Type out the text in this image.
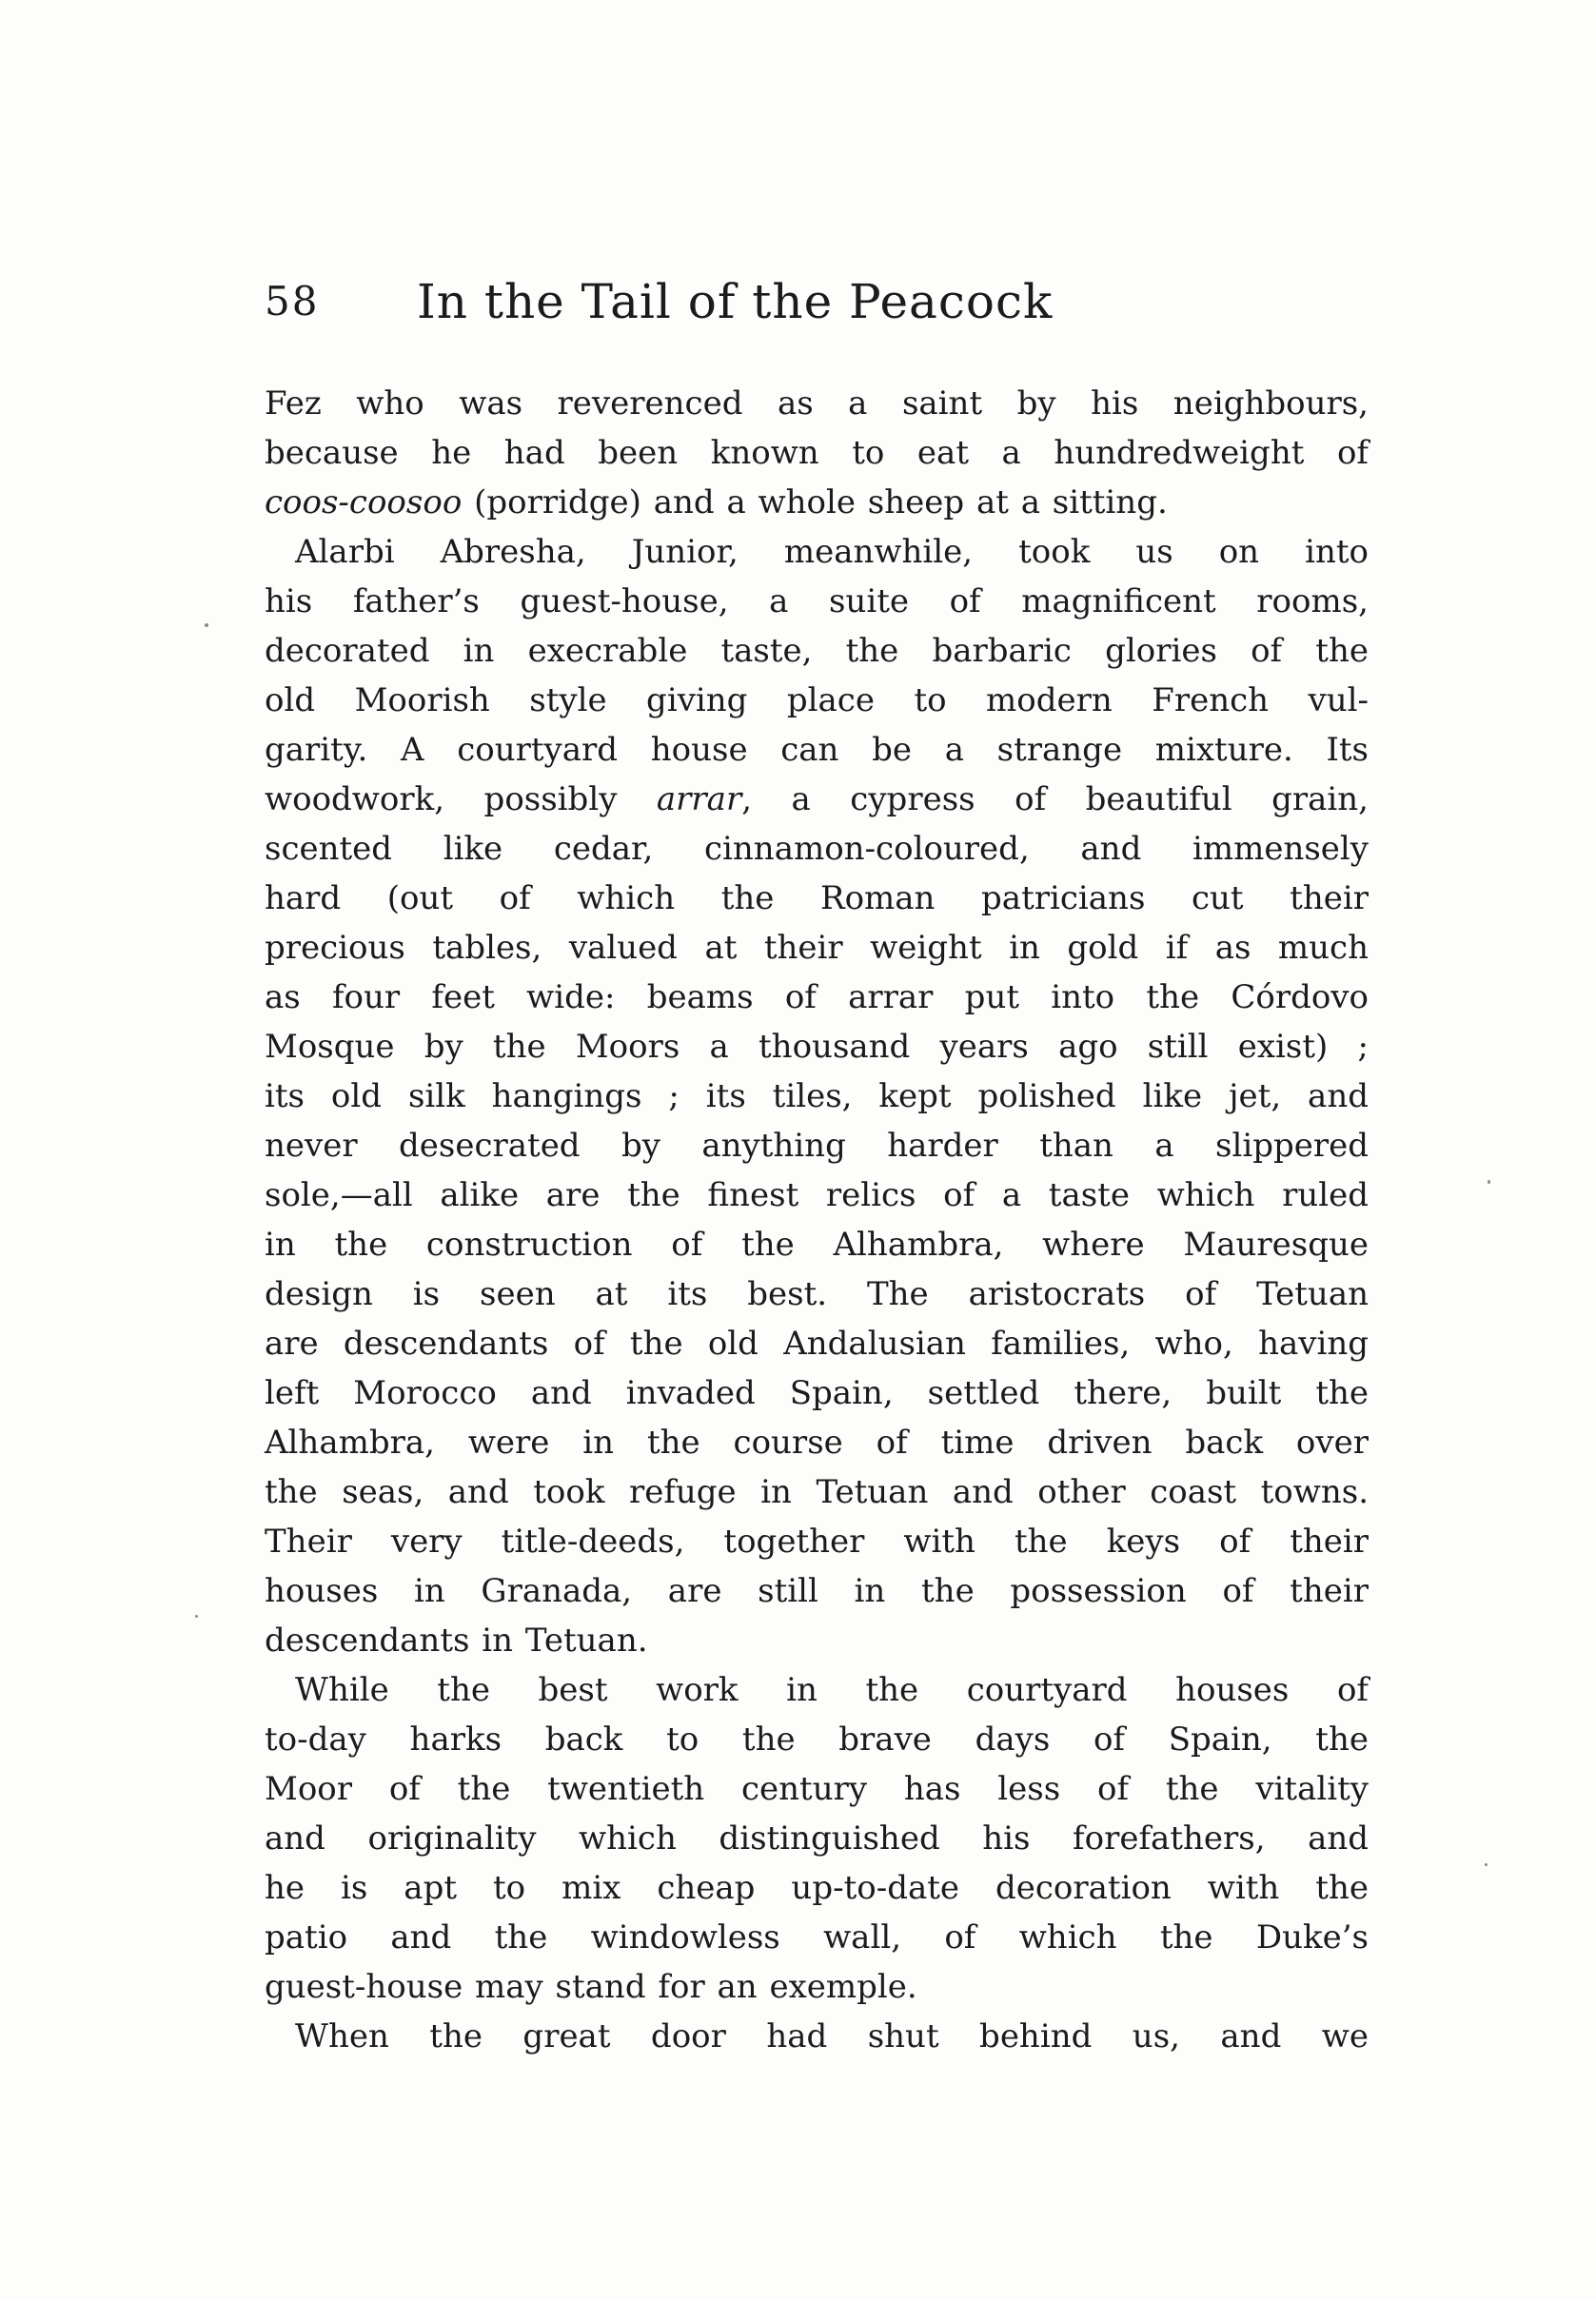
58 In the Tail of the Peacock
Fez who was reverenced as a saint by his neighbours,
because he had been known to eat a hundredweight of
coos-coosoo (porridge) and a whole sheep at a sitting.
Alarbi Abresha, Junior, meanwhile, took us on into
his father’s guest-house, a suite of magnificent rooms,
decorated in execrable taste, the barbaric glories of the
old Moorish style giving place to modern French vul-
garity. A courtyard house can be a strange mixture. Its
woodwork, possibly arrar, a cypress of beautiful grain,
scented like cedar, cinnamon-coloured, and immensely
hard (out of which the Roman patricians cut their
precious tables, valued at their weight in gold if as much
as four feet wide: beams of arrar put into the Córdovo
Mosque by the Moors a thousand years ago still exist) ;
its old silk hangings ; its tiles, kept polished like jet, and
never desecrated by anything harder than a slippered
sole,—all alike are the finest relics of a taste which ruled
in the construction of the Alhambra, where Mauresque
design is seen at its best. The aristocrats of Tetuan
are descendants of the old Andalusian families, who, having
left Morocco and invaded Spain, settled there, built the
Alhambra, were in the course of time driven back over
the seas, and took refuge in Tetuan and other coast towns.
Their very title-deeds, together with the keys of their
houses in Granada, are still in the possession of their
descendants in Tetuan.
While the best work in the courtyard houses of
to-day harks back to the brave days of Spain, the
Moor of the twentieth century has less of the vitality
and originality which distinguished his forefathers, and
he is apt to mix cheap up-to-date decoration with the
patio and the windowless wall, of which the Duke’s
guest-house may stand for an exemple.
When the great door had shut behind us, and we
